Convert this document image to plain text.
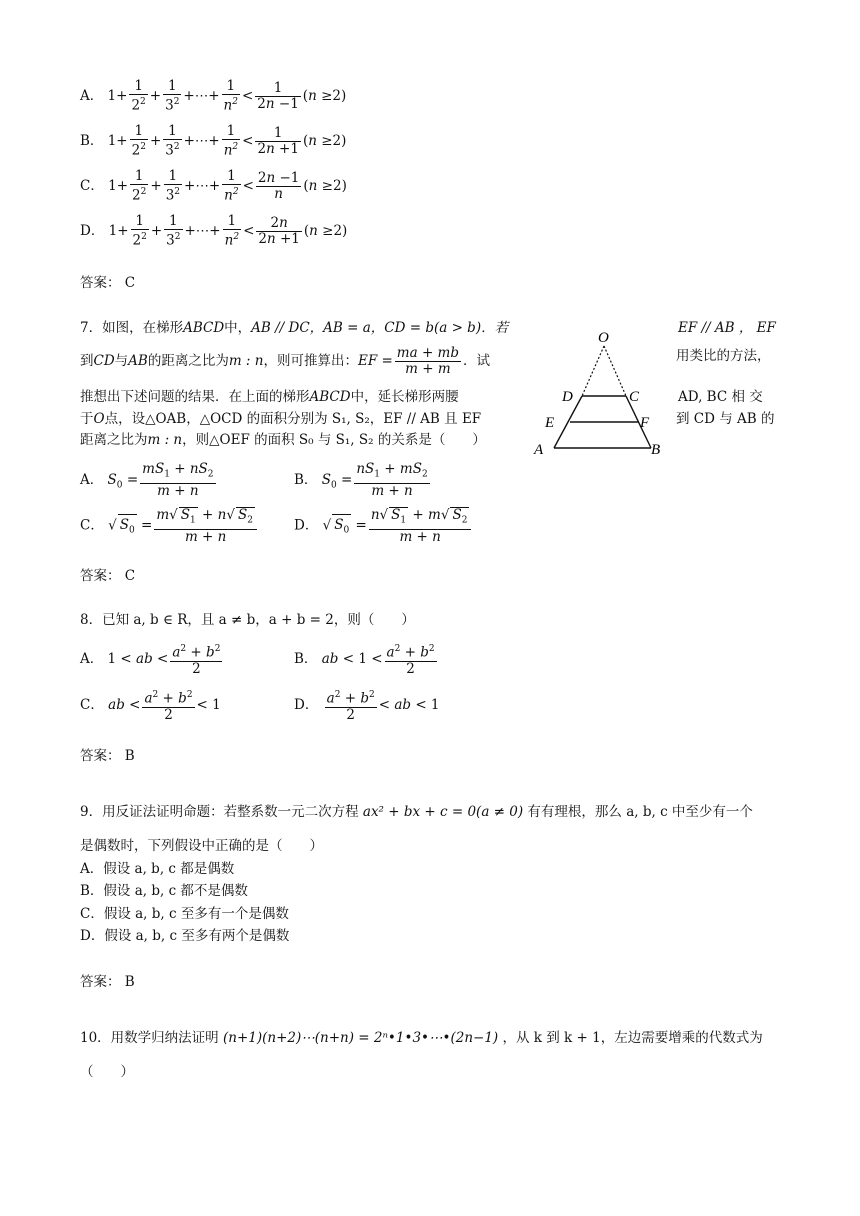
A． $1+ \frac{1}{2^2} + \frac{1}{3^2}$ +⋯+ $\frac{1}{n^2} < \frac{1}{2n -1} (n \ge 2)$
B． $1+ \frac{1}{2^2} + \frac{1}{3^2}$ +⋯+ $\frac{1}{n^2} < \frac{1}{2n +1} (n \ge 2)$
C． $1+ \frac{1}{2^2} + \frac{1}{3^2}$ +⋯+ $\frac{1}{n^2} < \frac{2n -1}{n} (n \ge 2)$
D． $1+ \frac{1}{2^2} + \frac{1}{3^2}$ +⋯+ $\frac{1}{n^2} < \frac{2n}{2n +1} (n \ge 2)$
答案： C
7．如图，在梯形ABCD中，AB // DC，AB = a，CD = b(a > b)．若	EF // AB ， EF
到CD与AB的距离之比为m : n，则可推算出：EF = $\frac{ma + mb}{m + m}$ ．试	用类比的方法，
推想出下述问题的结果．在上面的梯形ABCD中，延长梯形两腰	AD, BC 相 交
于O点，设△OAB，△OCD 的面积分别为 S₁, S₂，EF // AB 且 EF	到 CD 与 AB 的
距离之比为m : n，则△OEF 的面积 S₀ 与 S₁, S₂ 的关系是（　　）
O
D	C
E	F
A	B
A． $S_0 = \frac{mS_1 + nS_2}{m + n}$	B． $S_0 = \frac{nS_1 + mS_2}{m + n}$
C． √ $S_0 = \frac{m√ S_1 + n√ S_2}{m + n}$	D． √ $S_0 = \frac{n√ S_1 + m√ S_2}{m + n}$
答案： C
8．已知 a, b ∈ R，且 a ≠ b，a + b = 2，则（　　）
A． 1 < ab < $\frac{a^2 + b^2}{2}$	B． ab < $1 < \frac{a^2 + b^2}{2}$
C． ab < $\frac{a^2 + b^2}{2} < 1$	D． $\frac{a^2 + b^2}{2}$ < ab < 1
答案： B
9．用反证法证明命题：若整系数一元二次方程 ax² + bx + c = 0(a ≠ 0) 有有理根，那么 a, b, c 中至少有一个
是偶数时，下列假设中正确的是（　　）
A．假设 a, b, c 都是偶数
B．假设 a, b, c 都不是偶数
C．假设 a, b, c 至多有一个是偶数
D．假设 a, b, c 至多有两个是偶数
答案： B
10．用数学归纳法证明 (n+1)(n+2)⋯(n+n) = 2ⁿ•1•3•⋯•(2n−1) ，从 k 到 k + 1，左边需要增乘的代数式为
（　　）
